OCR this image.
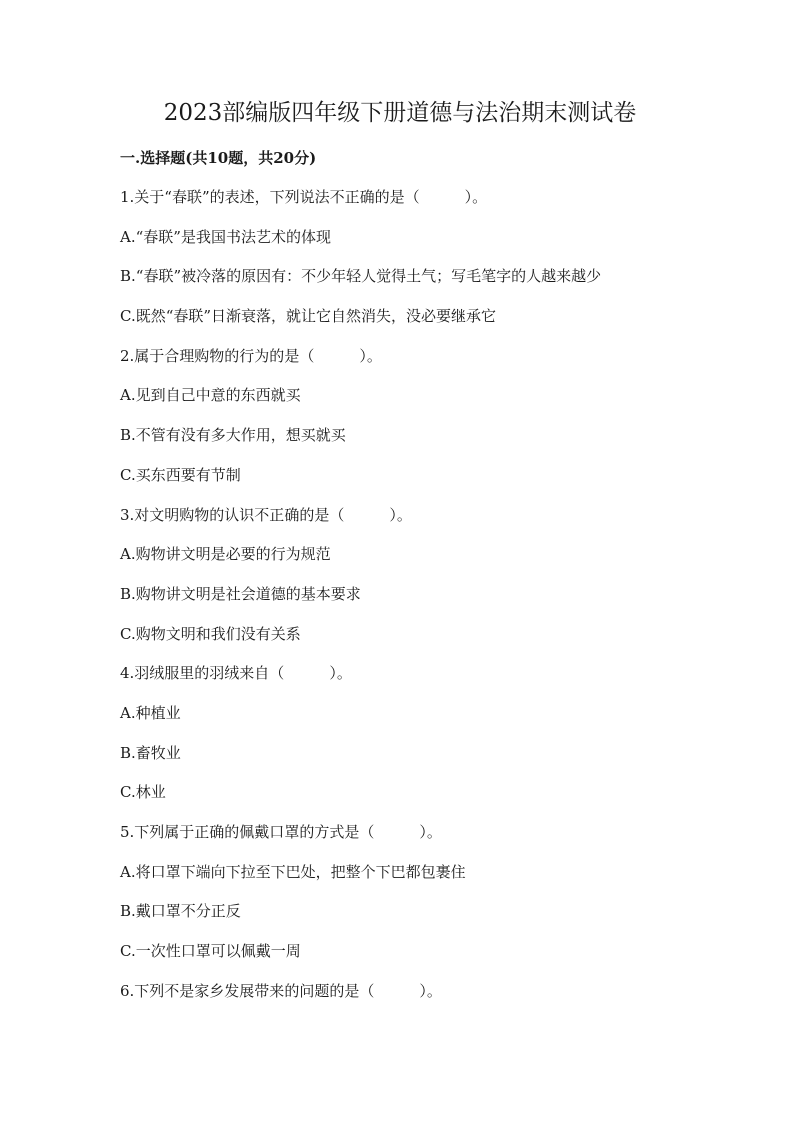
2023部编版四年级下册道德与法治期末测试卷
一.选择题(共10题，共20分)
1.关于“春联”的表述，下列说法不正确的是（　　　）。
A.“春联”是我国书法艺术的体现
B.“春联”被冷落的原因有：不少年轻人觉得土气；写毛笔字的人越来越少
C.既然“春联”日渐衰落，就让它自然消失，没必要继承它
2.属于合理购物的行为的是（　　　）。
A.见到自己中意的东西就买
B.不管有没有多大作用，想买就买
C.买东西要有节制
3.对文明购物的认识不正确的是（　　　）。
A.购物讲文明是必要的行为规范
B.购物讲文明是社会道德的基本要求
C.购物文明和我们没有关系
4.羽绒服里的羽绒来自（　　　）。
A.种植业
B.畜牧业
C.林业
5.下列属于正确的佩戴口罩的方式是（　　　）。
A.将口罩下端向下拉至下巴处，把整个下巴都包裹住
B.戴口罩不分正反
C.一次性口罩可以佩戴一周
6.下列不是家乡发展带来的问题的是（　　　）。
